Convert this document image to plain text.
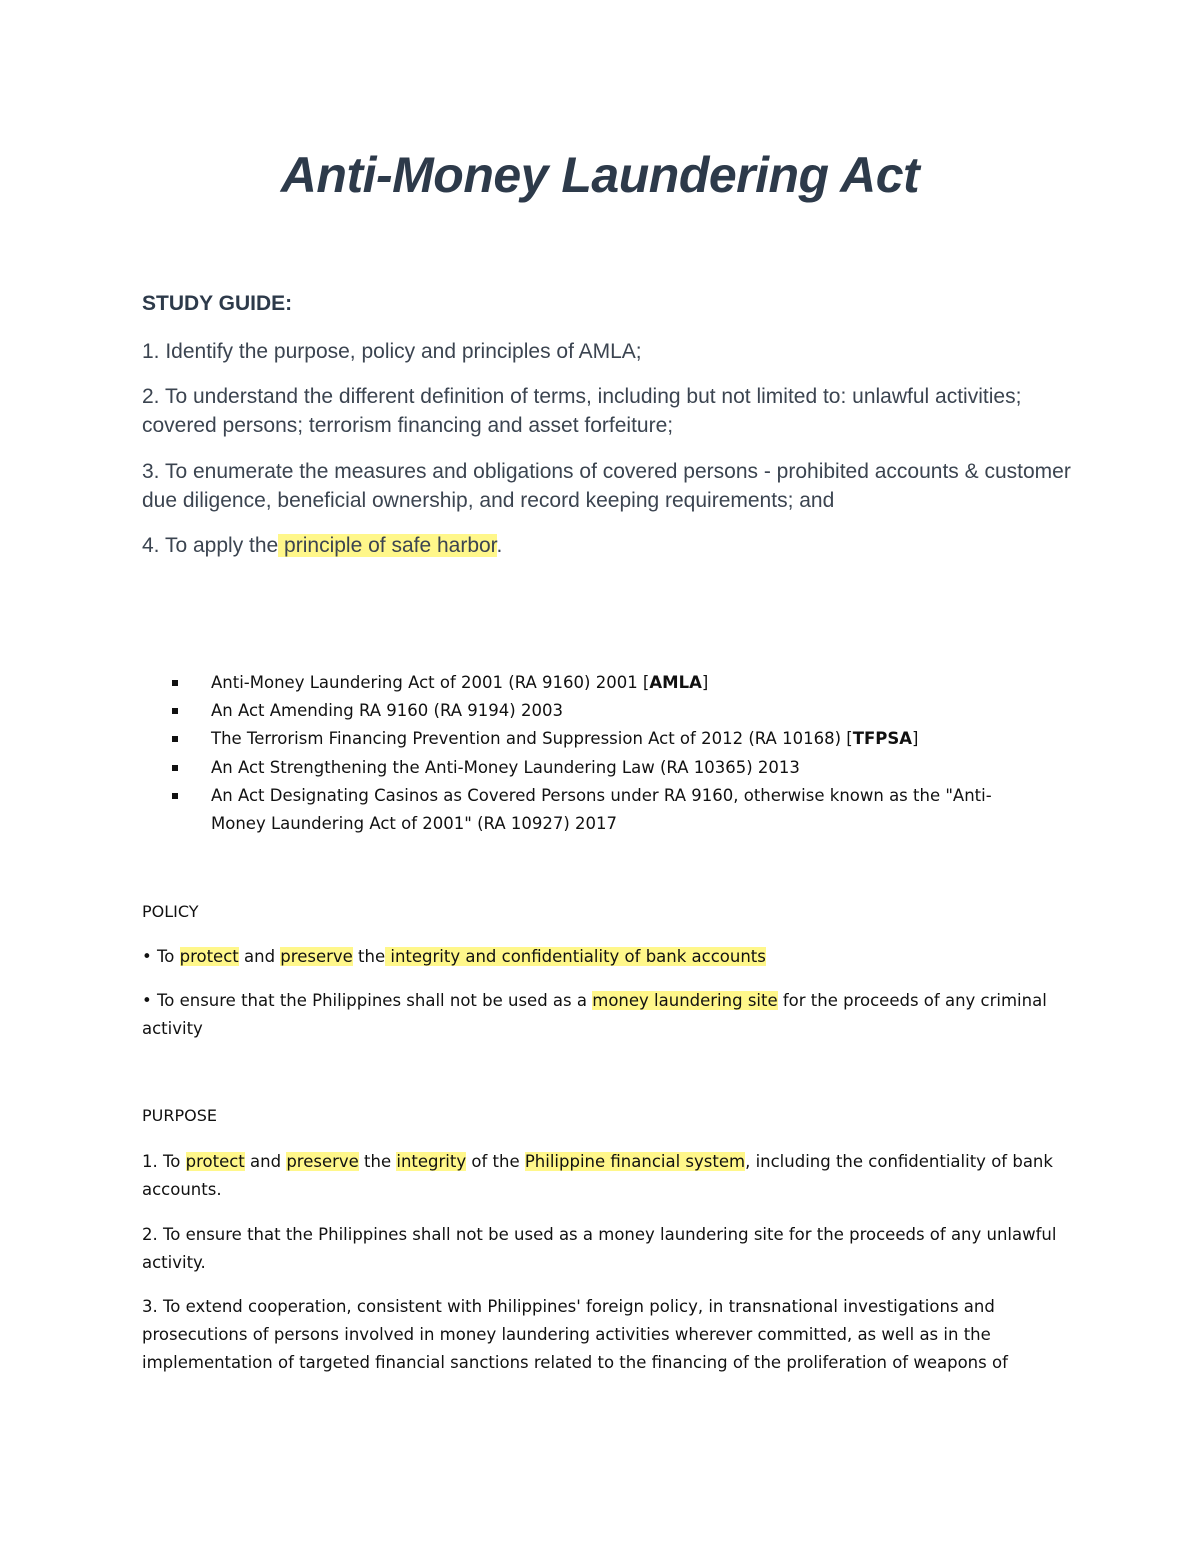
Anti-Money Laundering Act
STUDY GUIDE:
1. Identify the purpose, policy and principles of AMLA;
2. To understand the different definition of terms, including but not limited to: unlawful activities; covered persons; terrorism financing and asset forfeiture;
3. To enumerate the measures and obligations of covered persons - prohibited accounts & customer due diligence, beneficial ownership, and record keeping requirements; and
4. To apply the principle of safe harbor.
Anti-Money Laundering Act of 2001 (RA 9160) 2001 [AMLA]
An Act Amending RA 9160 (RA 9194) 2003
The Terrorism Financing Prevention and Suppression Act of 2012 (RA 10168) [TFPSA]
An Act Strengthening the Anti-Money Laundering Law (RA 10365) 2013
An Act Designating Casinos as Covered Persons under RA 9160, otherwise known as the "Anti-Money Laundering Act of 2001" (RA 10927) 2017
POLICY
• To protect and preserve the integrity and confidentiality of bank accounts
• To ensure that the Philippines shall not be used as a money laundering site for the proceeds of any criminal activity
PURPOSE
1. To protect and preserve the integrity of the Philippine financial system, including the confidentiality of bank accounts.
2. To ensure that the Philippines shall not be used as a money laundering site for the proceeds of any unlawful activity.
3. To extend cooperation, consistent with Philippines' foreign policy, in transnational investigations and prosecutions of persons involved in money laundering activities wherever committed, as well as in the implementation of targeted financial sanctions related to the financing of the proliferation of weapons of
